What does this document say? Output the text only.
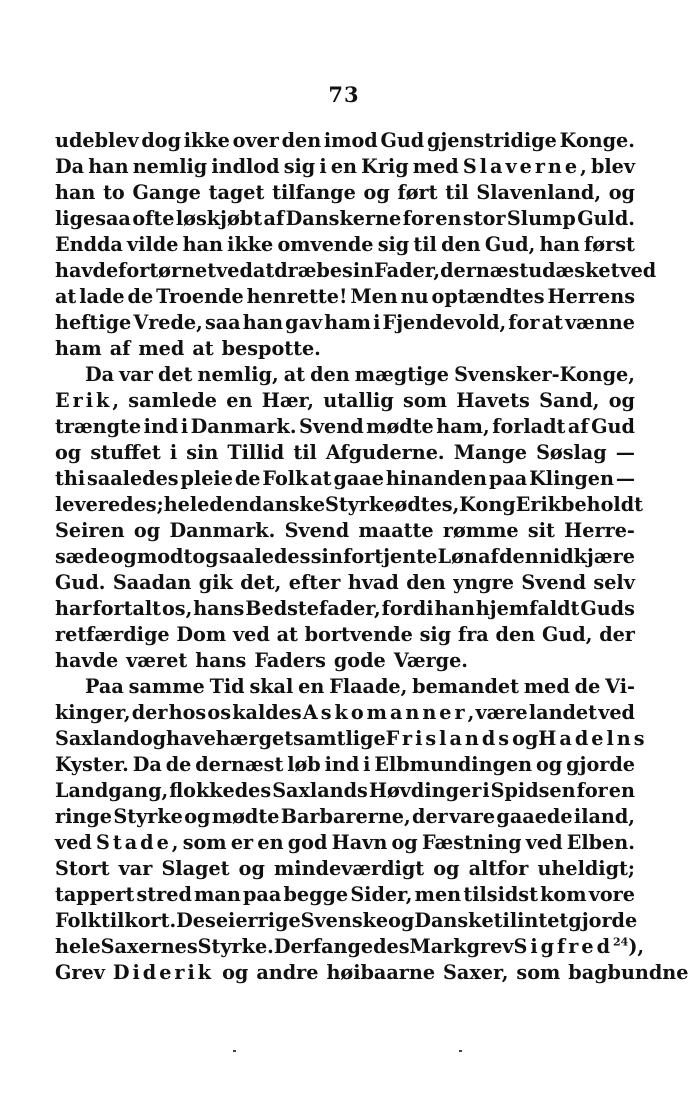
73
udeblev dog ikke over den imod Gud gjenstridige Konge.
Da han nemlig indlod sig i en Krig med Slaverne, blev
han to Gange taget tilfange og ført til Slavenland, og
ligesaa ofte løskjøbt af Danskerne for en stor Slump Guld.
Endda vilde han ikke omvende sig til den Gud, han først
havde fortørnet ved at dræbe sin Fader, dernæst udæsket ved
at lade de Troende henrette! Men nu optændtes Herrens
heftige Vrede, saa han gav ham i Fjendevold, for at vænne
ham af med at bespotte.
Da var det nemlig, at den mægtige Svensker-Konge,
Erik, samlede en Hær, utallig som Havets Sand, og
trængte ind i Danmark. Svend mødte ham, forladt af Gud
og stuffet i sin Tillid til Afguderne. Mange Søslag —
thi saaledes pleie de Folk at gaae hinanden paa Klingen —
leveredes; hele den danske Styrke ødtes, Kong Erik beholdt
Seiren og Danmark. Svend maatte rømme sit Herre-
sæde og modtog saaledes sin fortjente Løn af den nidkjære
Gud. Saadan gik det, efter hvad den yngre Svend selv
har fortalt os, hans Bedstefader, fordi han hjemfaldt Guds
retfærdige Dom ved at bortvende sig fra den Gud, der
havde været hans Faders gode Værge.
Paa samme Tid skal en Flaade, bemandet med de Vi-
kinger, der hos os kaldes Askomanner, være landet ved
Saxland og have hærget samtlige Frislands og Hadelns
Kyster. Da de dernæst løb ind i Elbmundingen og gjorde
Landgang, flokkedes Saxlands Høvdinger i Spidsen for en
ringe Styrke og mødte Barbarerne, der vare gaaede iland,
ved Stade, som er en god Havn og Fæstning ved Elben.
Stort var Slaget og mindeværdigt og altfor uheldigt;
tappert stred man paa begge Sider, men tilsidst kom vore
Folk tilkort. De seierrige Svenske og Danske tilintetgjorde
hele Saxernes Styrke. Der fangedes Markgrev Sigfred$^{24}$),
Grev Diderik og andre høibaarne Saxer, som bagbundne
